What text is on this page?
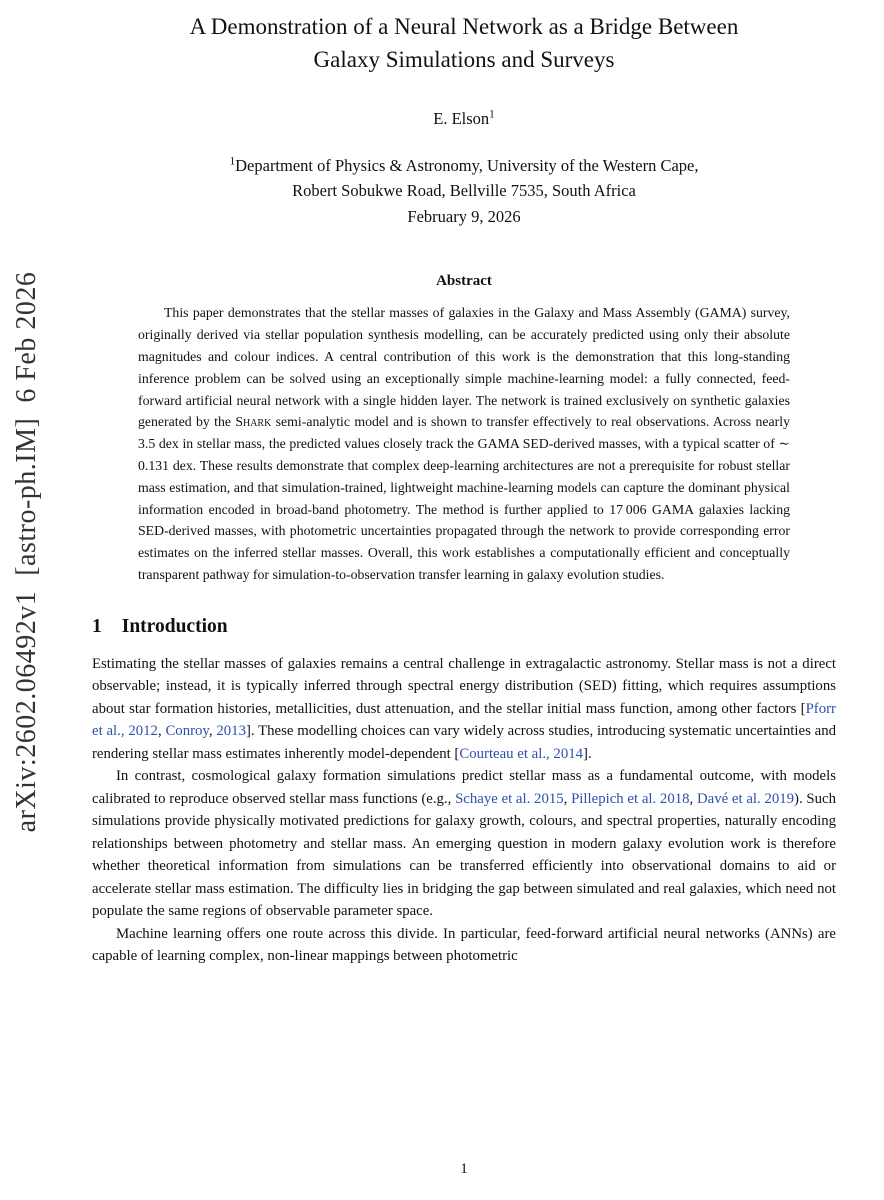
arXiv:2602.06492v1  [astro-ph.IM]  6 Feb 2026
A Demonstration of a Neural Network as a Bridge Between
Galaxy Simulations and Surveys
E. Elson$^1$
$^1$Department of Physics & Astronomy, University of the Western Cape,
Robert Sobukwe Road, Bellville 7535, South Africa
February 9, 2026
Abstract

This paper demonstrates that the stellar masses of galaxies in the Galaxy and Mass Assembly (GAMA) survey, originally derived via stellar population synthesis modelling, can be accurately predicted using only their absolute magnitudes and colour indices. A central contribution of this work is the demonstration that this long-standing inference problem can be solved using an exceptionally simple machine-learning model: a fully connected, feed-forward artificial neural network with a single hidden layer. The network is trained exclusively on synthetic galaxies generated by the Shark semi-analytic model and is shown to transfer effectively to real observations. Across nearly 3.5 dex in stellar mass, the predicted values closely track the GAMA SED-derived masses, with a typical scatter of ∼ 0.131 dex. These results demonstrate that complex deep-learning architectures are not a prerequisite for robust stellar mass estimation, and that simulation-trained, lightweight machine-learning models can capture the dominant physical information encoded in broad-band photometry. The method is further applied to 17 006 GAMA galaxies lacking SED-derived masses, with photometric uncertainties propagated through the network to provide corresponding error estimates on the inferred stellar masses. Overall, this work establishes a computationally efficient and conceptually transparent pathway for simulation-to-observation transfer learning in galaxy evolution studies.

1 Introduction

Estimating the stellar masses of galaxies remains a central challenge in extragalactic astronomy. Stellar mass is not a direct observable; instead, it is typically inferred through spectral energy distribution (SED) fitting, which requires assumptions about star formation histories, metallicities, dust attenuation, and the stellar initial mass function, among other factors [Pforr et al., 2012, Conroy, 2013]. These modelling choices can vary widely across studies, introducing systematic uncertainties and rendering stellar mass estimates inherently model-dependent [Courteau et al., 2014].

In contrast, cosmological galaxy formation simulations predict stellar mass as a fundamental outcome, with models calibrated to reproduce observed stellar mass functions (e.g., Schaye et al. 2015, Pillepich et al. 2018, Davé et al. 2019). Such simulations provide physically motivated predictions for galaxy growth, colours, and spectral properties, naturally encoding relationships between photometry and stellar mass. An emerging question in modern galaxy evolution work is therefore whether theoretical information from simulations can be transferred efficiently into observational domains to aid or accelerate stellar mass estimation. The difficulty lies in bridging the gap between simulated and real galaxies, which need not populate the same regions of observable parameter space.

Machine learning offers one route across this divide. In particular, feed-forward artificial neural networks (ANNs) are capable of learning complex, non-linear mappings between photometric

1
